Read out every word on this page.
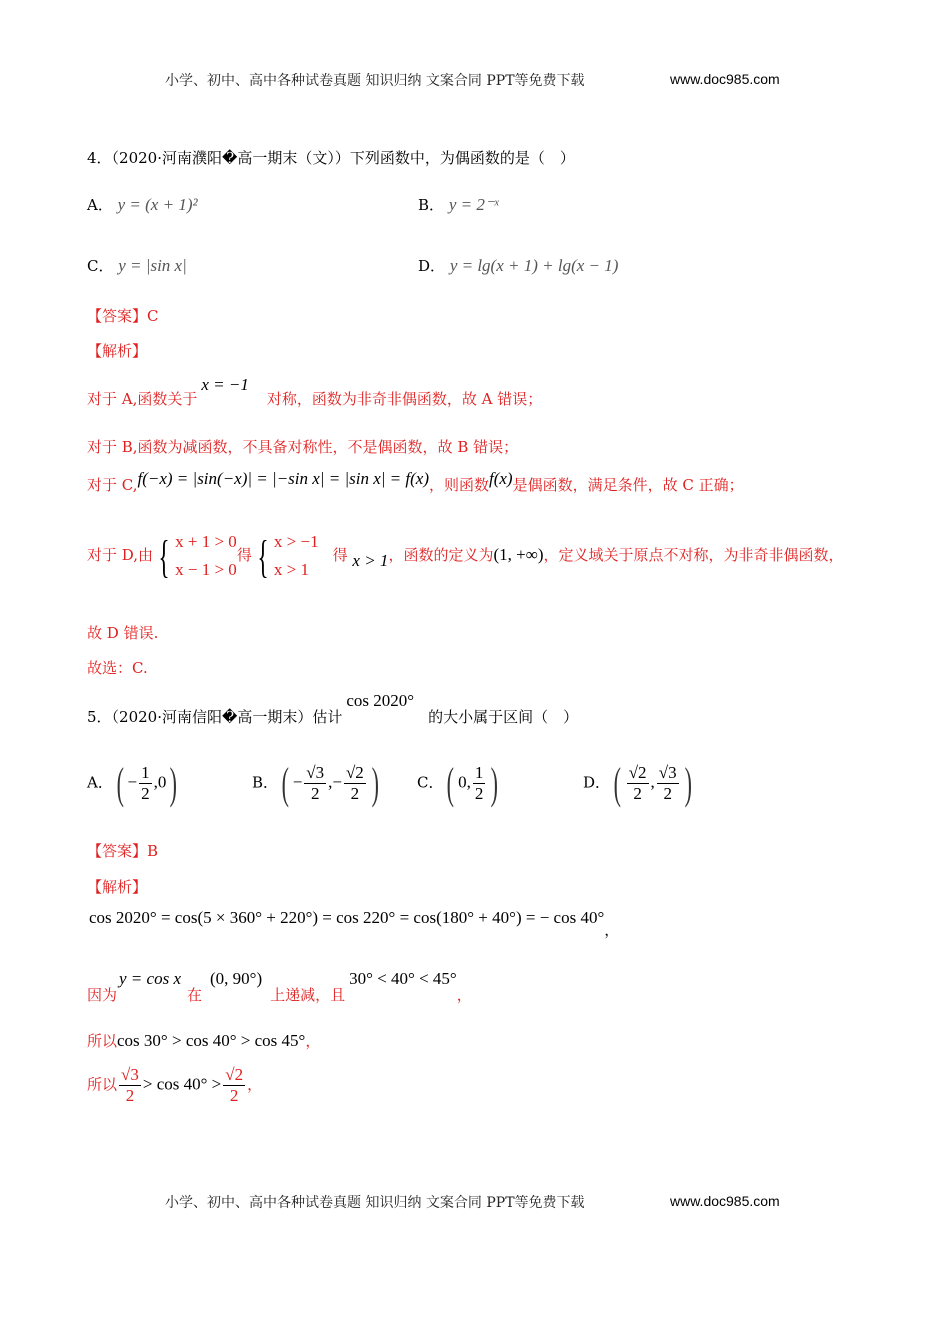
小学、初中、高中各种试卷真题 知识归纳 文案合同 PPT等免费下载	www.doc985.com
4．（2020·河南濮阳�高一期末（文））下列函数中，为偶函数的是（　）
A． y = (x + 1)²	B． y = 2⁻ˣ
C． y = |sin x|	D． y = lg(x + 1) + lg(x − 1)
【答案】C
【解析】
对于 A,函数关于x = −1对称，函数为非奇非偶函数，故 A 错误；
对于 B,函数为减函数，不具备对称性，不是偶函数，故 B 错误；
对于 C,f(−x) = |sin(−x)| = |−sin x| = |sin x| = f(x)，则函数f(x)是偶函数，满足条件，故 C 正确；
对于 D,由 { x + 1 > 0
x − 1 > 0
得 { x > −1
x > 1
得 x > 1，函数的定义为(1, +∞)，定义域关于原点不对称，为非奇非偶函数，
故 D 错误.
故选：C.
5．（2020·河南信阳�高一期末）估计cos 2020°的大小属于区间（　）
A．( − $\frac{1}{2} ,0$)	B．( − $\frac{√3}{2}$ ,− $\frac{√2}{2}$ )	C．( 0, $\frac{1}{2}$ )	D．( $\frac{√2}{2}$ , $\frac{√3}{2}$ )
【答案】B
【解析】
cos 2020° = cos(5 × 360° + 220°) = cos 220° = cos(180° + 40°) = − cos 40°，
因为y = cos x在(0, 90°)上递减，且30° < 40° < 45°，
所以cos 30° > cos 40° > cos 45°，
所以 $\frac{√3}{2} > \cos 40^\circ > \frac{√2}{2}$ ，
小学、初中、高中各种试卷真题 知识归纳 文案合同 PPT等免费下载	www.doc985.com
